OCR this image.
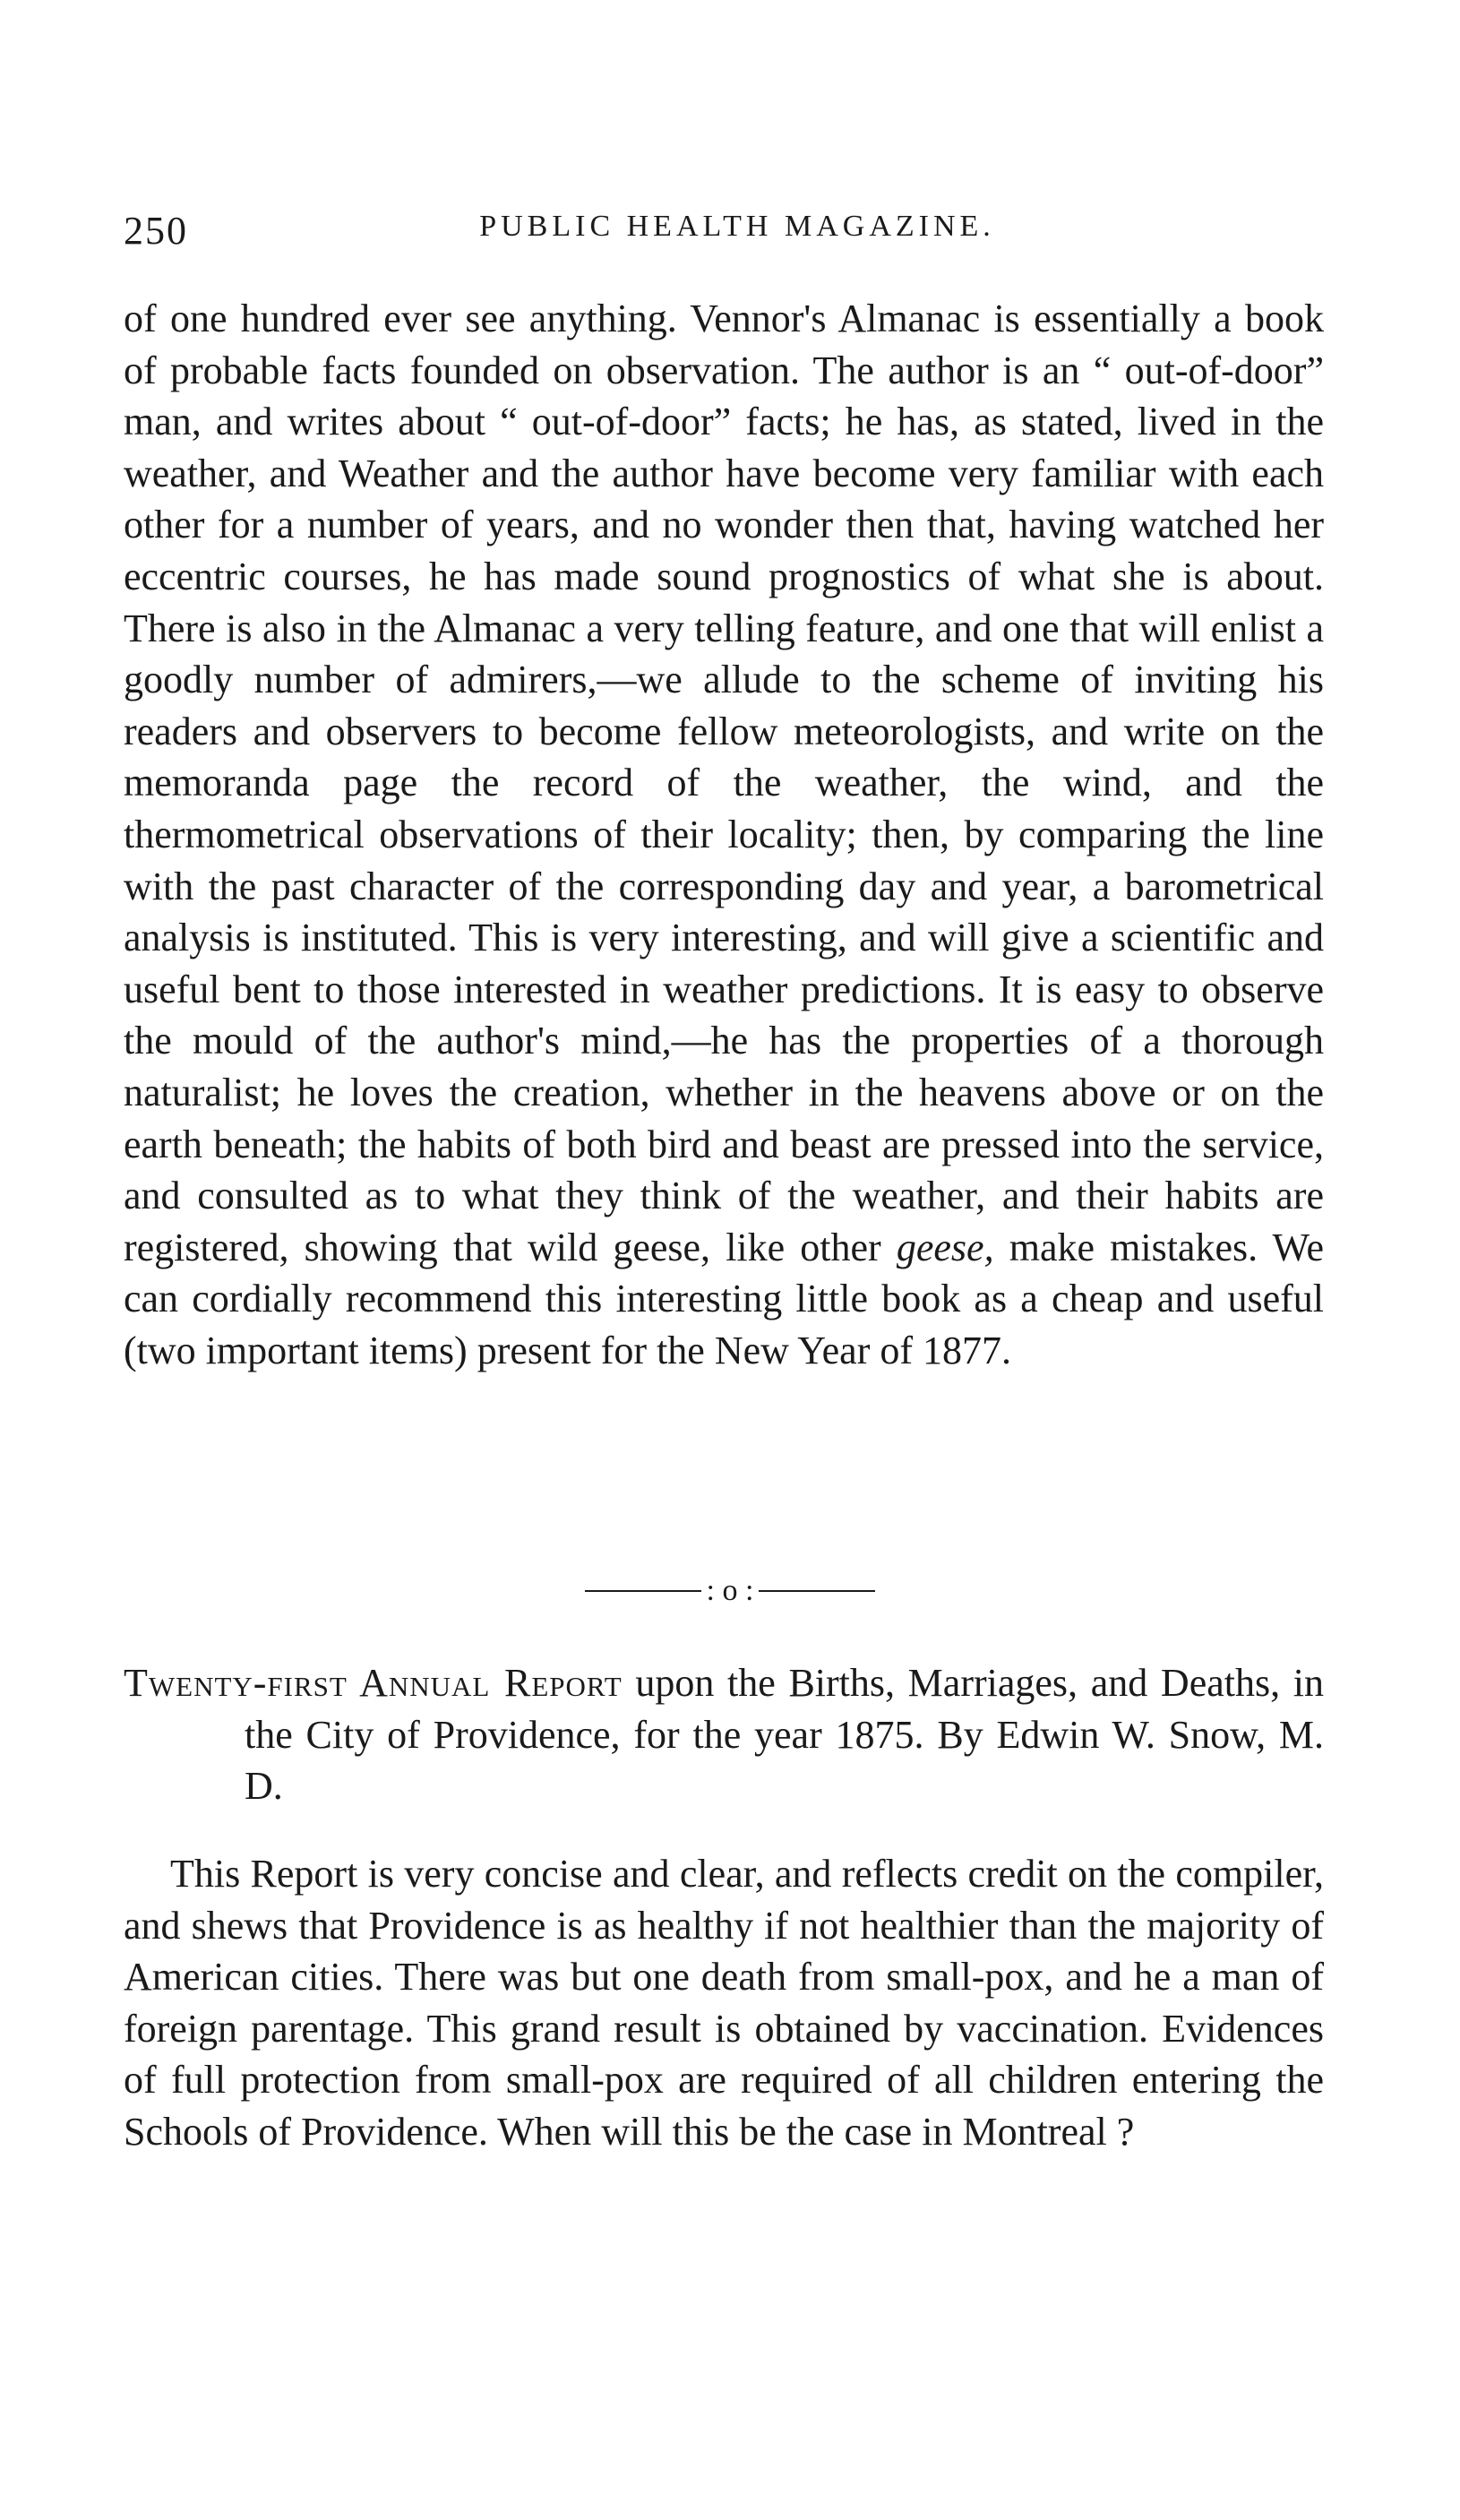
250	PUBLIC HEALTH MAGAZINE.

of one hundred ever see anything. Vennor's Almanac is essentially a book of probable facts founded on observation. The author is an “ out-of-door” man, and writes about “ out-of-door” facts; he has, as stated, lived in the weather, and Weather and the author have become very familiar with each other for a number of years, and no wonder then that, having watched her eccentric courses, he has made sound prognostics of what she is about. There is also in the Almanac a very telling feature, and one that will enlist a goodly number of admirers,—we allude to the scheme of inviting his readers and observers to become fellow meteorologists, and write on the memoranda page the record of the weather, the wind, and the thermometrical observations of their locality; then, by comparing the line with the past character of the corresponding day and year, a barometrical analysis is instituted. This is very interesting, and will give a scientific and useful bent to those interested in weather predictions. It is easy to observe the mould of the author's mind,—he has the properties of a thorough naturalist; he loves the creation, whether in the heavens above or on the earth beneath; the habits of both bird and beast are pressed into the service, and consulted as to what they think of the weather, and their habits are registered, showing that wild geese, like other geese, make mistakes. We can cordially recommend this interesting little book as a cheap and useful (two important items) present for the New Year of 1877.

: o :

Twenty-first Annual Report upon the Births, Marriages, and Deaths, in the City of Providence, for the year 1875. By Edwin W. Snow, M. D.

This Report is very concise and clear, and reflects credit on the compiler, and shews that Providence is as healthy if not healthier than the majority of American cities. There was but one death from small-pox, and he a man of foreign parentage. This grand result is obtained by vaccination. Evidences of full protection from small-pox are required of all children entering the Schools of Providence. When will this be the case in Montreal ?
